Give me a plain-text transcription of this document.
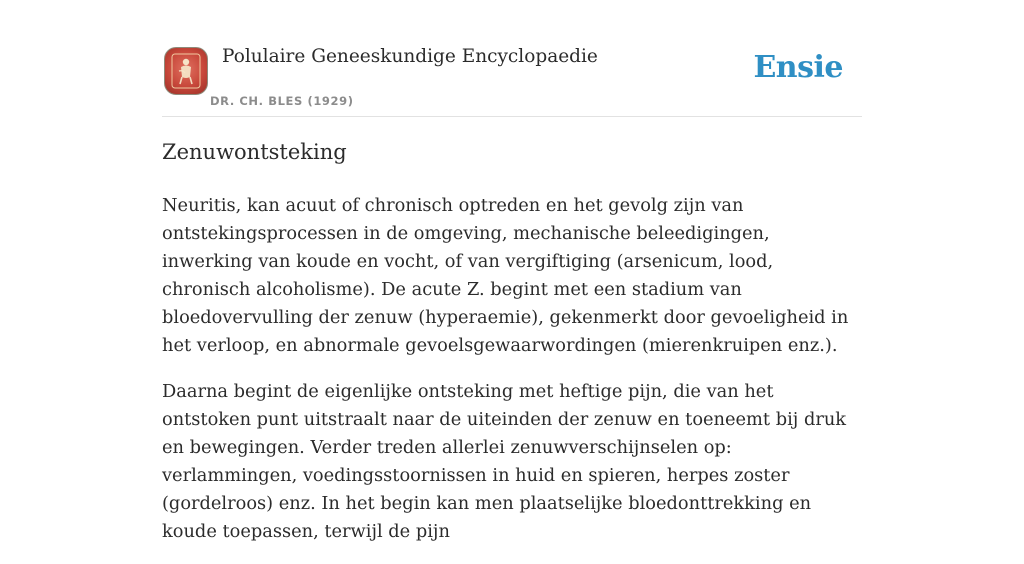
Polulaire Geneeskundige Encyclopaedie
DR. CH. BLES (1929)
Ensie
Zenuwontsteking

Neuritis, kan acuut of chronisch optreden en het gevolg zijn van ontstekingsprocessen in de omgeving, mechanische beleedigingen, inwerking van koude en vocht, of van vergiftiging (arsenicum, lood, chronisch alcoholisme). De acute Z. begint met een stadium van bloedovervulling der zenuw (hyperaemie), gekenmerkt door gevoeligheid in het verloop, en abnormale gevoelsgewaarwordingen (mierenkruipen enz.).

Daarna begint de eigenlijke ontsteking met heftige pijn, die van het ontstoken punt uitstraalt naar de uiteinden der zenuw en toeneemt bij druk en bewegingen. Verder treden allerlei zenuwverschijnselen op: verlammingen, voedingsstoornissen in huid en spieren, herpes zoster (gordelroos) enz. In het begin kan men plaatselijke bloedonttrekking en koude toepassen, terwijl de pijn
